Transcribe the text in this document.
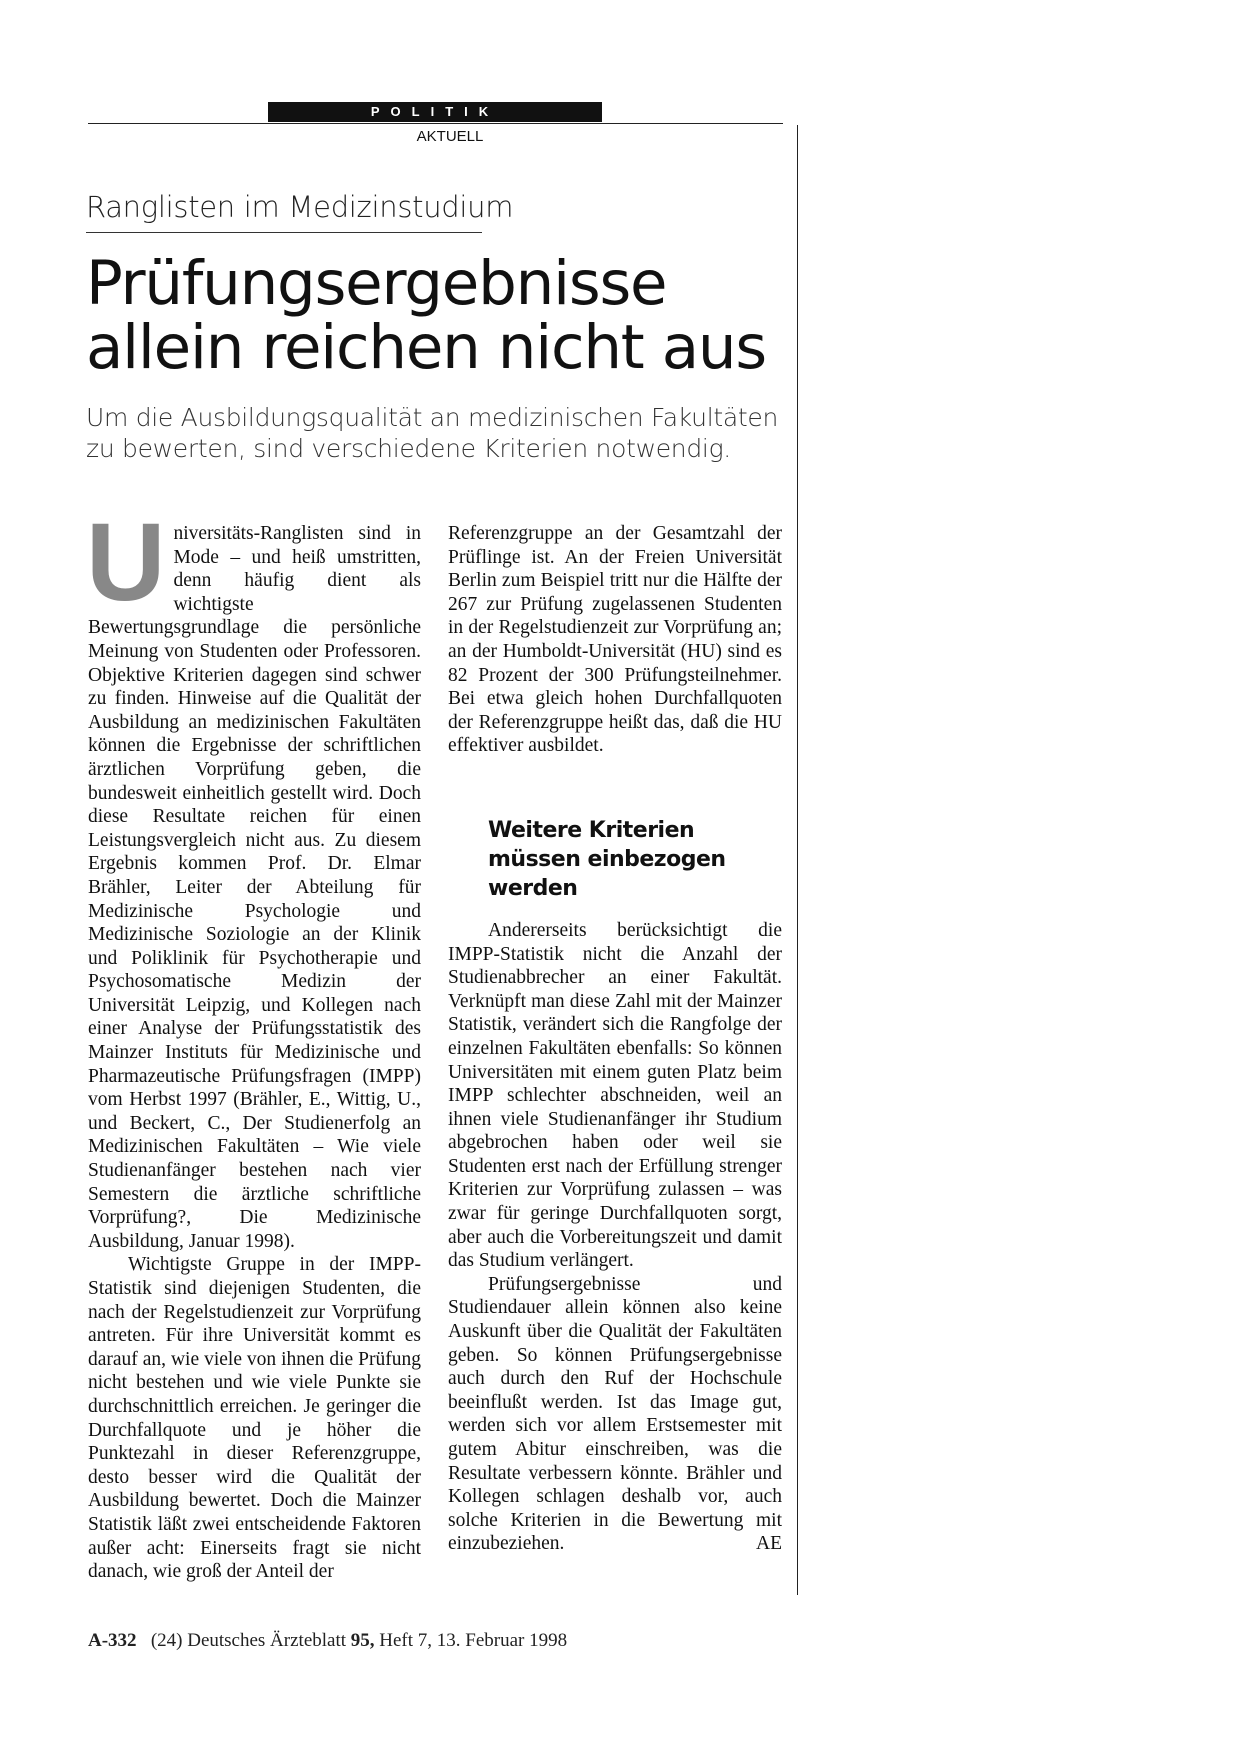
POLITIK
AKTUELL
Ranglisten im Medizinstudium
Prüfungsergebnisse allein reichen nicht aus
Um die Ausbildungsqualität an medizinischen Fakultäten zu bewerten, sind verschiedene Kriterien notwendig.
U niversitäts-Ranglisten sind in Mode – und heiß umstritten, denn häufig dient als wichtigste Bewertungsgrundlage die persönliche Meinung von Studenten oder Professoren. Objektive Kriterien dagegen sind schwer zu finden. Hinweise auf die Qualität der Ausbildung an medizinischen Fakultäten können die Ergebnisse der schriftlichen ärztlichen Vorprüfung geben, die bundesweit einheitlich gestellt wird. Doch diese Resultate reichen für einen Leistungsvergleich nicht aus. Zu diesem Ergebnis kommen Prof. Dr. Elmar Brähler, Leiter der Abteilung für Medizinische Psychologie und Medizinische Soziologie an der Klinik und Poliklinik für Psychotherapie und Psychosomatische Medizin der Universität Leipzig, und Kollegen nach einer Analyse der Prüfungsstatistik des Mainzer Instituts für Medizinische und Pharmazeutische Prüfungsfragen (IMPP) vom Herbst 1997 (Brähler, E., Wittig, U., und Beckert, C., Der Studienerfolg an Medizinischen Fakultäten – Wie viele Studienanfänger bestehen nach vier Semestern die ärztliche schriftliche Vorprüfung?, Die Medizinische Ausbildung, Januar 1998).

Wichtigste Gruppe in der IMPP-Statistik sind diejenigen Studenten, die nach der Regelstudienzeit zur Vorprüfung antreten. Für ihre Universität kommt es darauf an, wie viele von ihnen die Prüfung nicht bestehen und wie viele Punkte sie durchschnittlich erreichen. Je geringer die Durchfallquote und je höher die Punktezahl in dieser Referenzgruppe, desto besser wird die Qualität der Ausbildung bewertet. Doch die Mainzer Statistik läßt zwei entscheidende Faktoren außer acht: Einerseits fragt sie nicht danach, wie groß der Anteil der

Referenzgruppe an der Gesamtzahl der Prüflinge ist. An der Freien Universität Berlin zum Beispiel tritt nur die Hälfte der 267 zur Prüfung zugelassenen Studenten in der Regelstudienzeit zur Vorprüfung an; an der Humboldt-Universität (HU) sind es 82 Prozent der 300 Prüfungsteilnehmer. Bei etwa gleich hohen Durchfallquoten der Referenzgruppe heißt das, daß die HU effektiver ausbildet.

Weitere Kriterien müssen einbezogen werden

Andererseits berücksichtigt die IMPP-Statistik nicht die Anzahl der Studienabbrecher an einer Fakultät. Verknüpft man diese Zahl mit der Mainzer Statistik, verändert sich die Rangfolge der einzelnen Fakultäten ebenfalls: So können Universitäten mit einem guten Platz beim IMPP schlechter abschneiden, weil an ihnen viele Studienanfänger ihr Studium abgebrochen haben oder weil sie Studenten erst nach der Erfüllung strenger Kriterien zur Vorprüfung zulassen – was zwar für geringe Durchfallquoten sorgt, aber auch die Vorbereitungszeit und damit das Studium verlängert.

Prüfungsergebnisse und Studiendauer allein können also keine Auskunft über die Qualität der Fakultäten geben. So können Prüfungsergebnisse auch durch den Ruf der Hochschule beeinflußt werden. Ist das Image gut, werden sich vor allem Erstsemester mit gutem Abitur einschreiben, was die Resultate verbessern könnte. Brähler und Kollegen schlagen deshalb vor, auch solche Kriterien in die Bewertung mit einzubeziehen.	AE

A-332 (24) Deutsches Ärzteblatt 95, Heft 7, 13. Februar 1998
